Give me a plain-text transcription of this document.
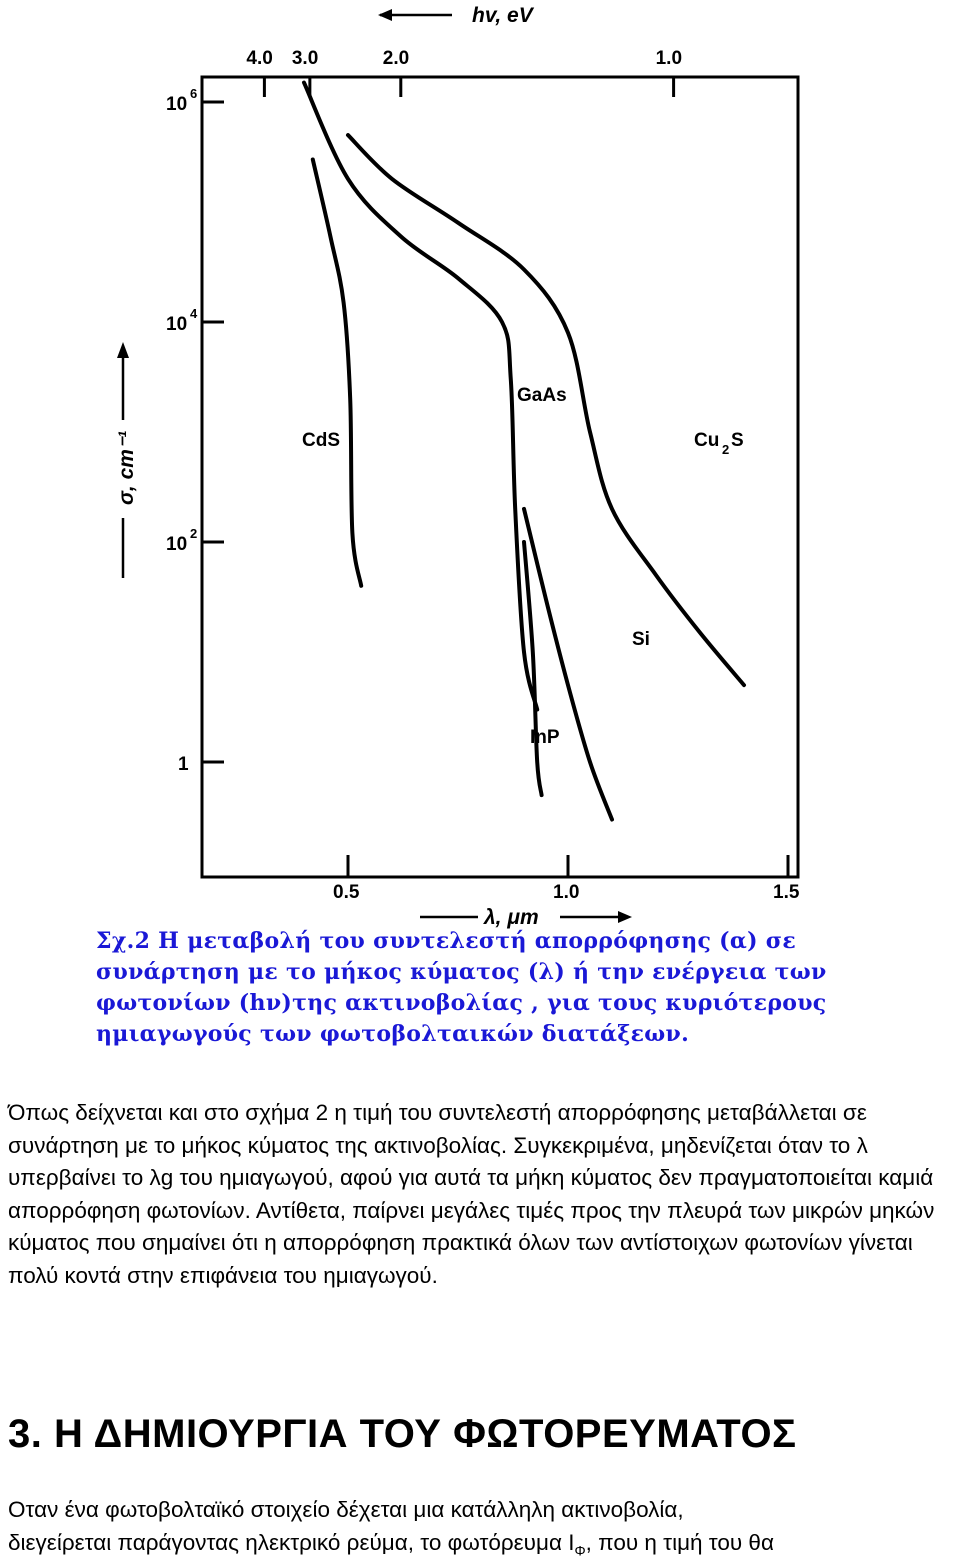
hv, eV
σ, cm⁻¹
λ, μm
10
6
10
4
10
2
1
0.5	1.0	1.5
4.0 3.0	2.0	1.0
CdS
GaAs
Cu 2 S
Si
InP
Σχ.2 Η μεταβολή του συντελεστή απορρόφησης (α) σε
συνάρτηση με το μήκος κύματος (λ) ή την ενέργεια των
φωτονίων (hν)της ακτινοβολίας , για τους κυριότερους
ημιαγωγούς των φωτοβολταικών διατάξεων.

Όπως δείχνεται και στο σχήμα 2 η τιμή του συντελεστή απορρόφησης μεταβάλλεται σε συνάρτηση με το μήκος κύματος της ακτινοβολίας. Συγκεκριμένα, μηδενίζεται όταν το λ υπερβαίνει το λg του ημιαγωγού, αφού για αυτά τα μήκη κύματος δεν πραγματοποιείται καμιά απορρόφηση φωτονίων. Αντίθετα, παίρνει μεγάλες τιμές προς την πλευρά των μικρών μηκών κύματος που σημαίνει ότι η απορρόφηση πρακτικά όλων των αντίστοιχων φωτονίων γίνεται πολύ κοντά στην επιφάνεια του ημιαγωγού.

3. Η ΔΗΜΙΟΥΡΓΙΑ ΤΟΥ ΦΩΤΟΡΕΥΜΑΤΟΣ

Οταν ένα φωτοβολταϊκό στοιχείο δέχεται μια κατάλληλη ακτινοβολία,
διεγείρεται παράγοντας ηλεκτρικό ρεύμα, το φωτόρευμα $I_\Phi$, που η τιμή του θα
